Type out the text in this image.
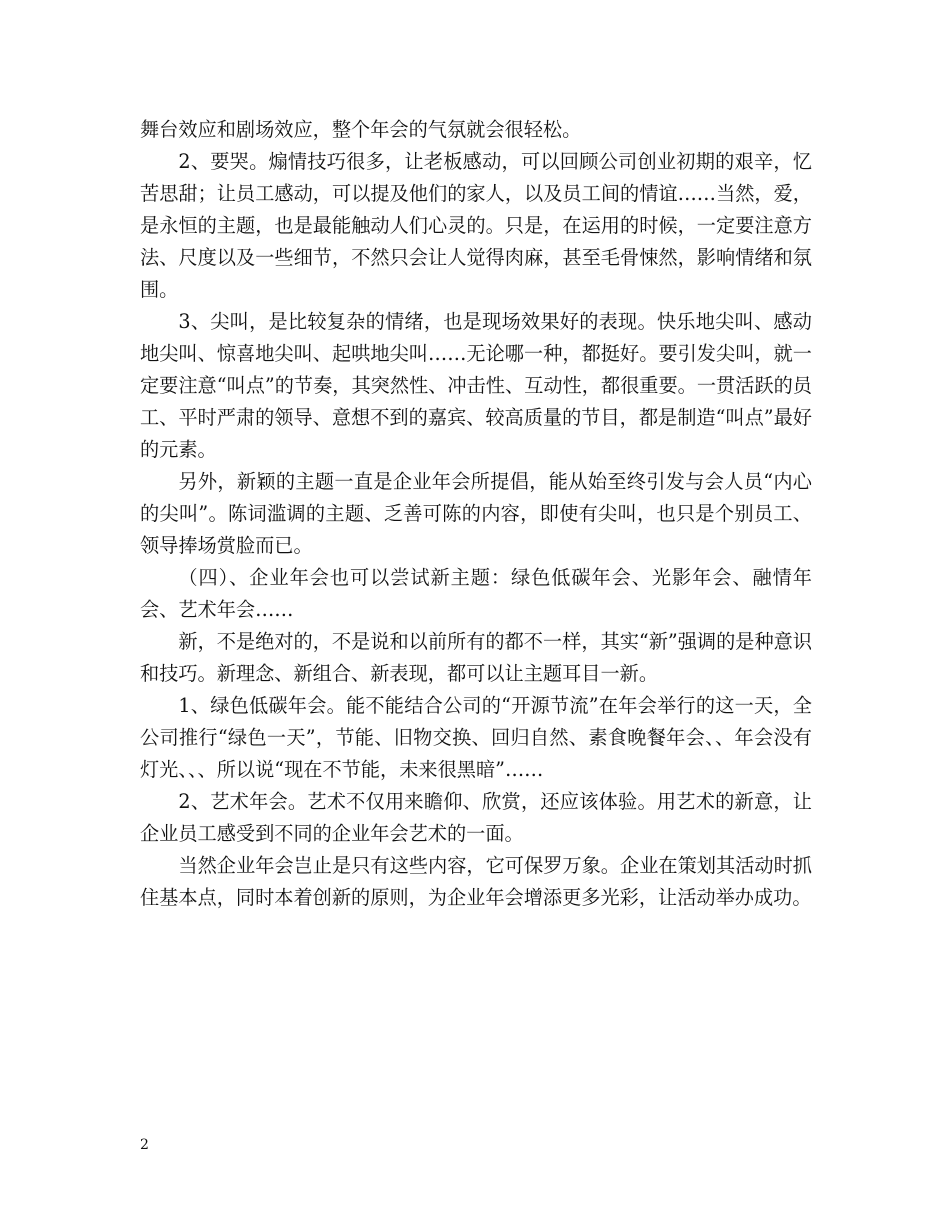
舞台效应和剧场效应，整个年会的气氛就会很轻松。

2、要哭。煽情技巧很多，让老板感动，可以回顾公司创业初期的艰辛，忆苦思甜；让员工感动，可以提及他们的家人，以及员工间的情谊……当然，爱，是永恒的主题，也是最能触动人们心灵的。只是，在运用的时候，一定要注意方法、尺度以及一些细节，不然只会让人觉得肉麻，甚至毛骨悚然，影响情绪和氛围。

3、尖叫，是比较复杂的情绪，也是现场效果好的表现。快乐地尖叫、感动地尖叫、惊喜地尖叫、起哄地尖叫……无论哪一种，都挺好。要引发尖叫，就一定要注意“叫点”的节奏，其突然性、冲击性、互动性，都很重要。一贯活跃的员工、平时严肃的领导、意想不到的嘉宾、较高质量的节目，都是制造“叫点”最好的元素。

另外，新颖的主题一直是企业年会所提倡，能从始至终引发与会人员“内心的尖叫”。陈词滥调的主题、乏善可陈的内容，即使有尖叫，也只是个别员工、领导捧场赏脸而已。

（四）、企业年会也可以尝试新主题：绿色低碳年会、光影年会、融情年会、艺术年会……

新，不是绝对的，不是说和以前所有的都不一样，其实“新”强调的是种意识和技巧。新理念、新组合、新表现，都可以让主题耳目一新。

1、绿色低碳年会。能不能结合公司的“开源节流”在年会举行的这一天，全公司推行“绿色一天”，节能、旧物交换、回归自然、素食晚餐年会、、年会没有灯光、、、所以说“现在不节能，未来很黑暗”……

2、艺术年会。艺术不仅用来瞻仰、欣赏，还应该体验。用艺术的新意，让企业员工感受到不同的企业年会艺术的一面。

当然企业年会岂止是只有这些内容，它可保罗万象。企业在策划其活动时抓住基本点，同时本着创新的原则，为企业年会增添更多光彩，让活动举办成功。

2
